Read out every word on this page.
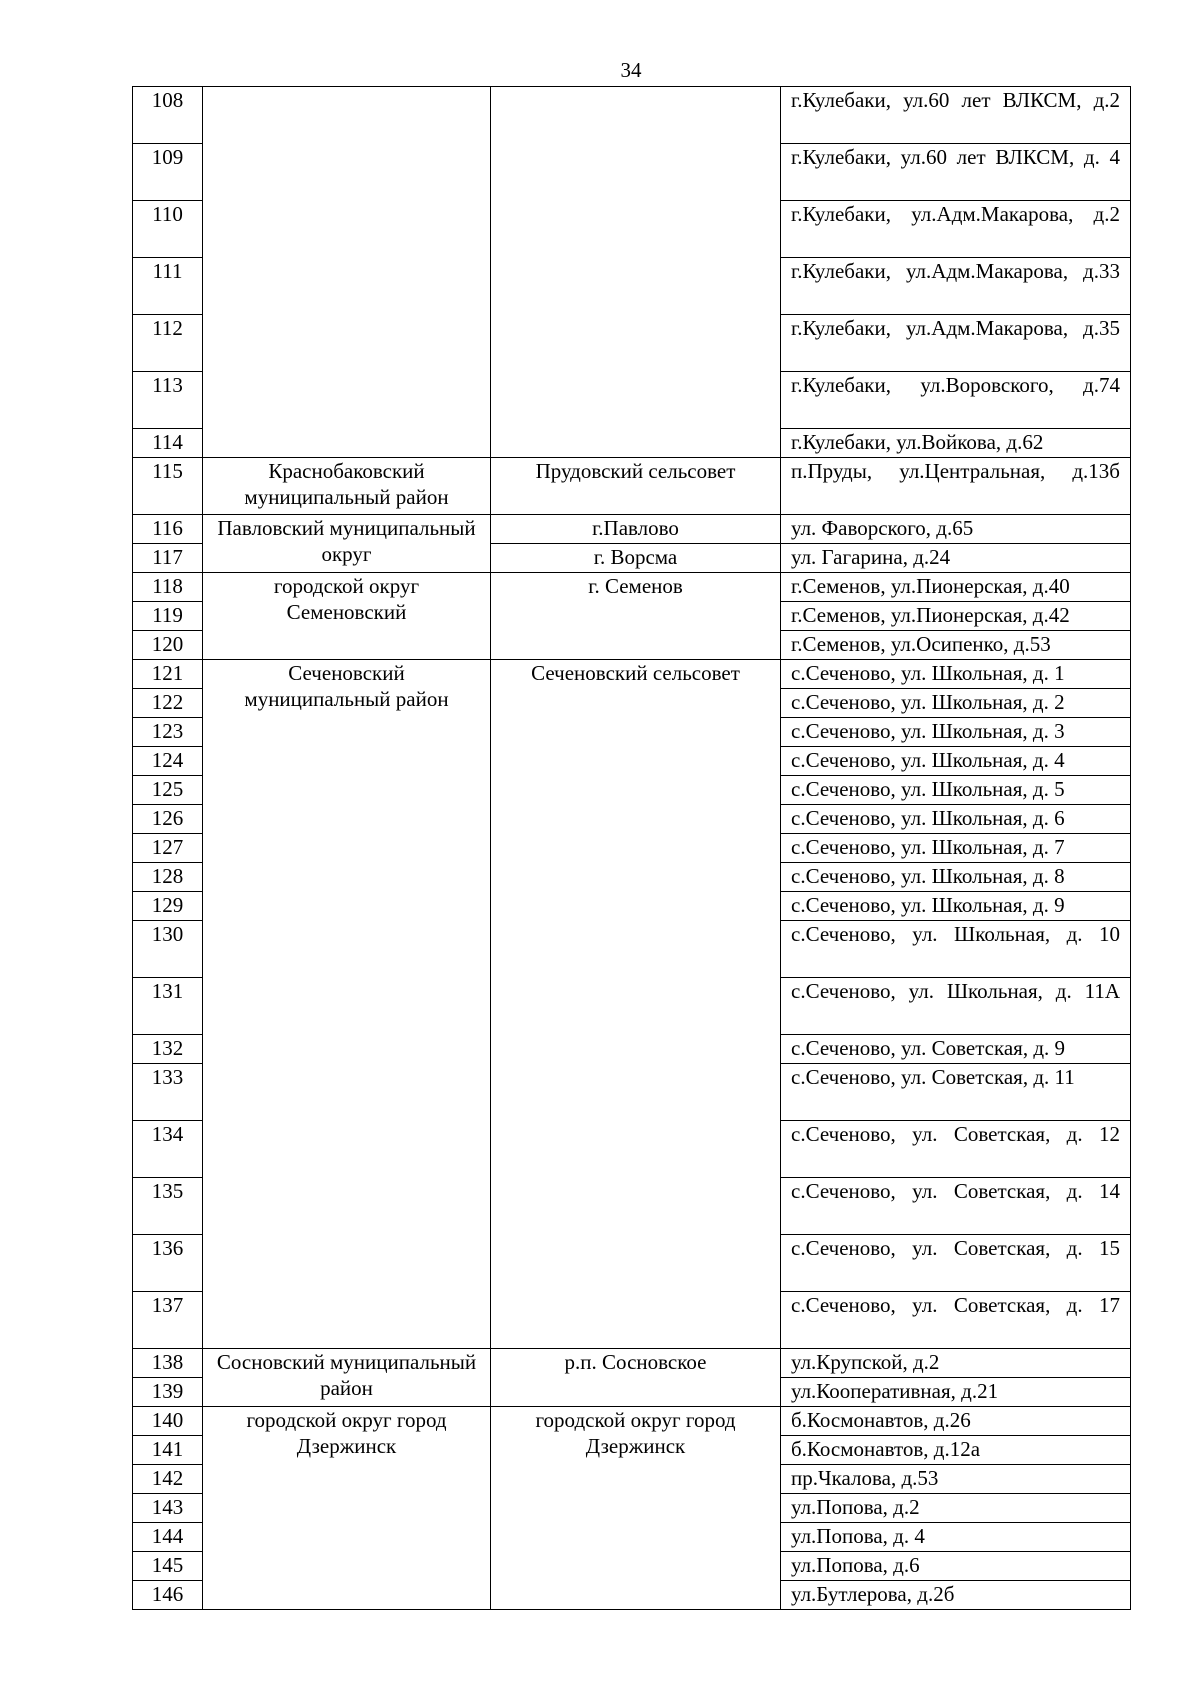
34
108			г.Кулебаки, ул.60 лет ВЛКСМ, д.2
109			г.Кулебаки, ул.60 лет ВЛКСМ, д. 4
110			г.Кулебаки, ул.Адм.Макарова, д.2
111			г.Кулебаки, ул.Адм.Макарова, д.33
112			г.Кулебаки, ул.Адм.Макарова, д.35
113			г.Кулебаки, ул.Воровского, д.74
114			г.Кулебаки, ул.Войкова, д.62
115	Краснобаковский муниципальный район	Прудовский сельсовет	п.Пруды, ул.Центральная, д.13б
116	Павловский муниципальный округ	г.Павлово	ул. Фаворского, д.65
117		г. Ворсма	ул. Гагарина, д.24
118	городской округ Семеновский	г. Семенов	г.Семенов, ул.Пионерская, д.40
119			г.Семенов, ул.Пионерская, д.42
120			г.Семенов, ул.Осипенко, д.53
121	Сеченовский муниципальный район	Сеченовский сельсовет	с.Сеченово, ул. Школьная, д. 1
122			с.Сеченово, ул. Школьная, д. 2
123			с.Сеченово, ул. Школьная, д. 3
124			с.Сеченово, ул. Школьная, д. 4
125			с.Сеченово, ул. Школьная, д. 5
126			с.Сеченово, ул. Школьная, д. 6
127			с.Сеченово, ул. Школьная, д. 7
128			с.Сеченово, ул. Школьная, д. 8
129			с.Сеченово, ул. Школьная, д. 9
130			с.Сеченово, ул. Школьная, д. 10
131			с.Сеченово, ул. Школьная, д. 11А
132			с.Сеченово, ул. Советская, д. 9
133			с.Сеченово, ул. Советская, д. 11
134			с.Сеченово, ул. Советская, д. 12
135			с.Сеченово, ул. Советская, д. 14
136			с.Сеченово, ул. Советская, д. 15
137			с.Сеченово, ул. Советская, д. 17
138	Сосновский муниципальный район	р.п. Сосновское	ул.Крупской, д.2
139			ул.Кооперативная, д.21
140	городской округ город Дзержинск	городской округ город Дзержинск	б.Космонавтов, д.26
141			б.Космонавтов, д.12а
142			пр.Чкалова, д.53
143			ул.Попова, д.2
144			ул.Попова, д. 4
145			ул.Попова, д.6
146			ул.Бутлерова, д.2б
